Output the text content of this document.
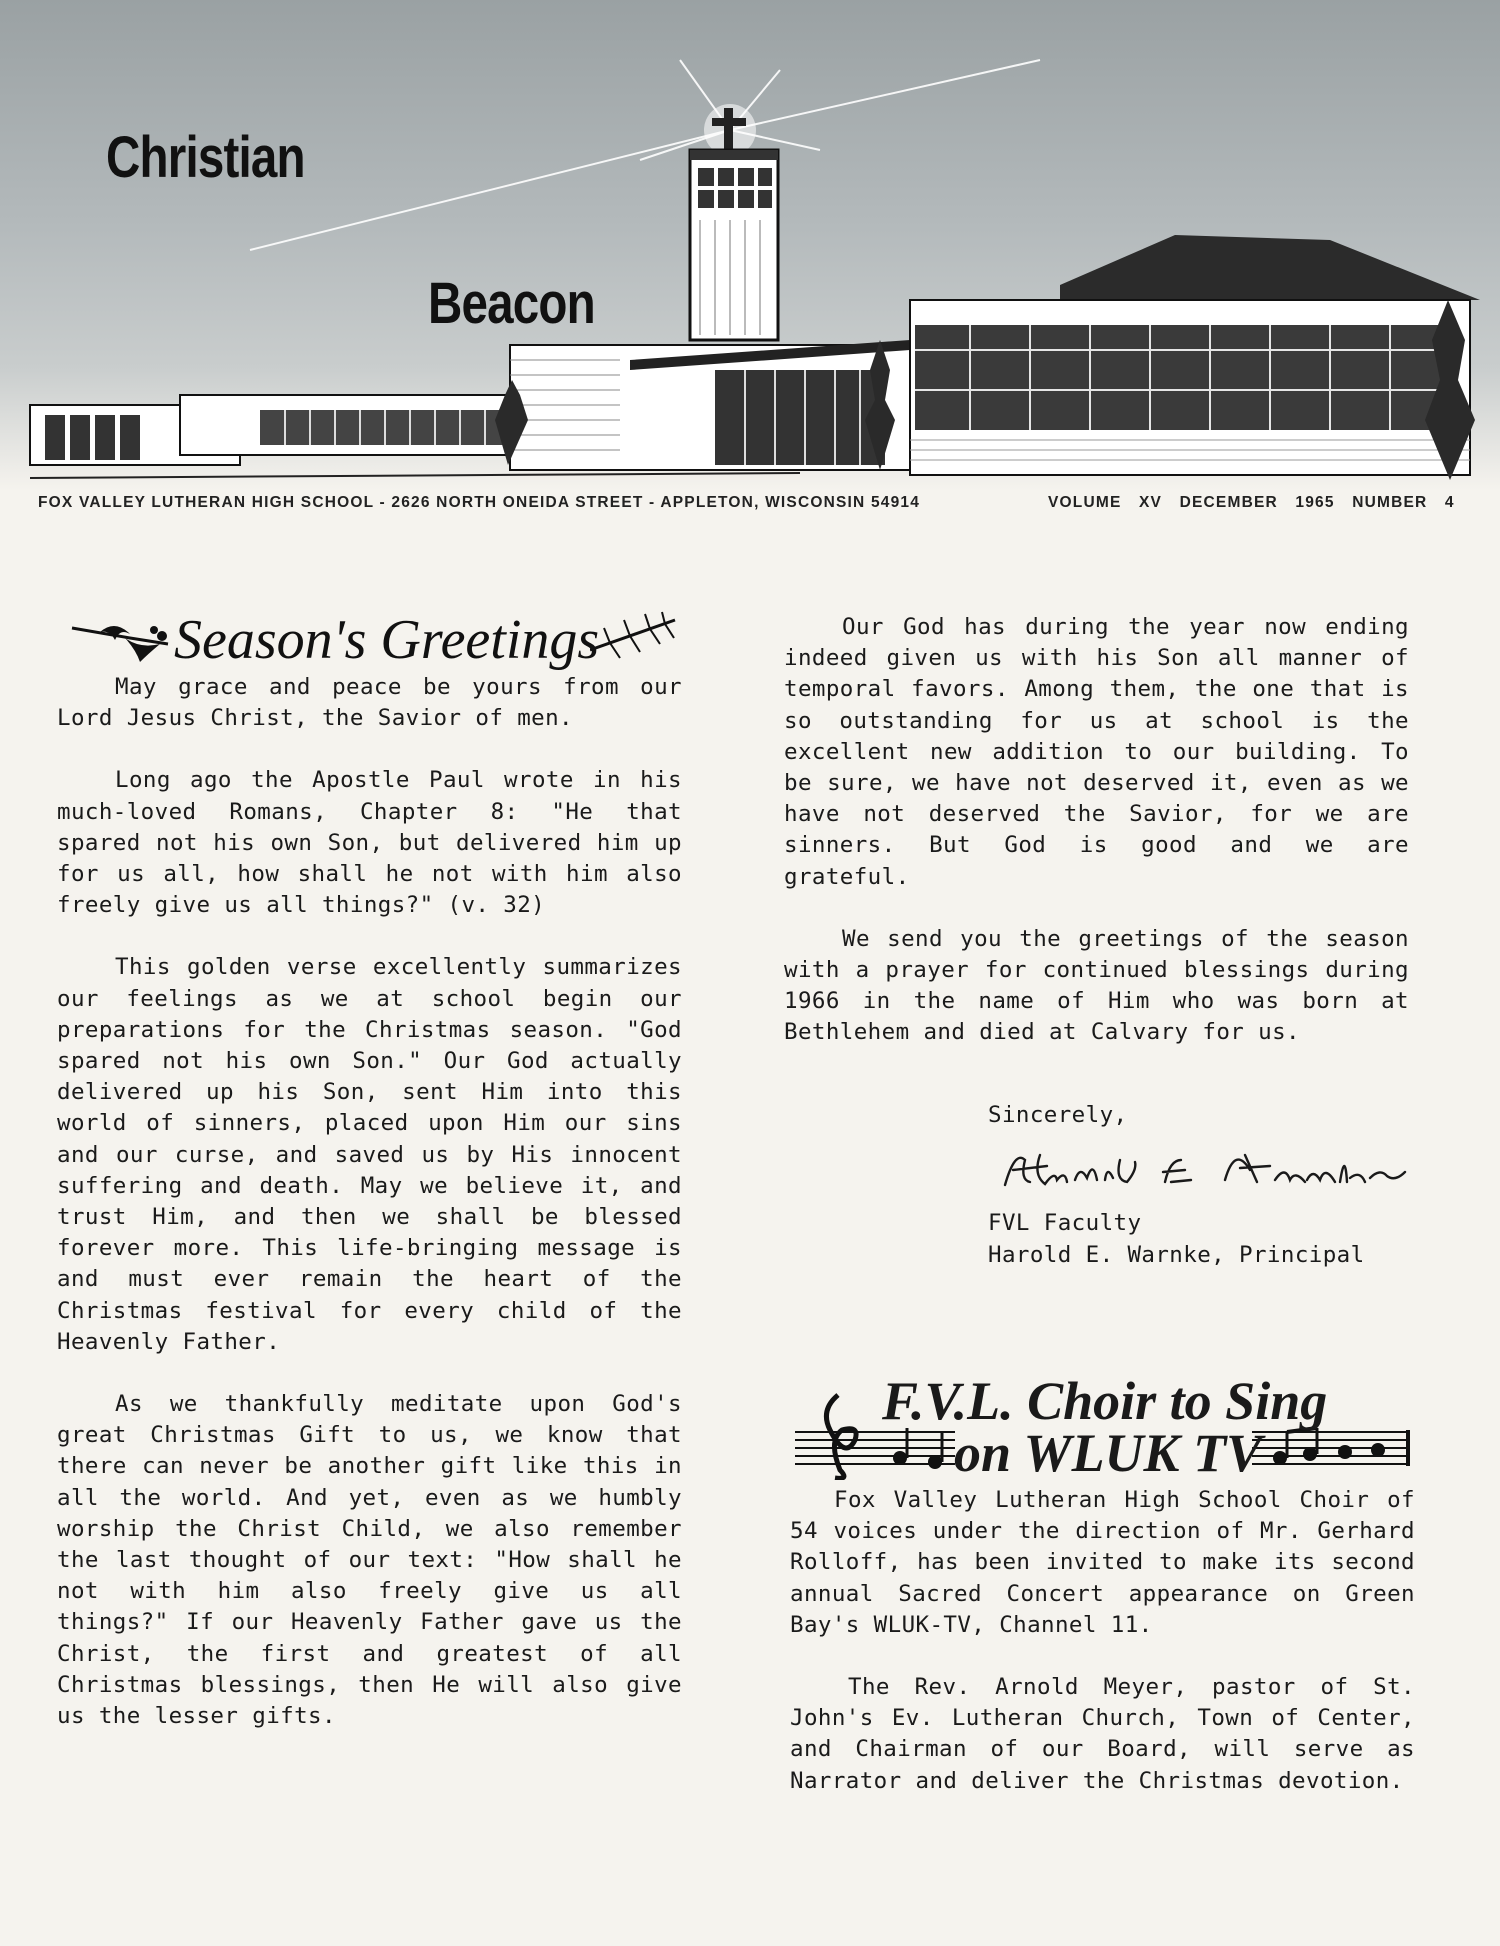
Christian
Beacon
FOX VALLEY LUTHERAN HIGH SCHOOL - 2626 NORTH ONEIDA STREET - APPLETON, WISCONSIN 54914	VOLUME XV DECEMBER 1965 NUMBER 4
Season's Greetings

May grace and peace be yours from our Lord Jesus Christ, the Savior of men.

Long ago the Apostle Paul wrote in his much-loved Romans, Chapter 8: "He that spared not his own Son, but delivered him up for us all, how shall he not with him also freely give us all things?" (v. 32)

This golden verse excellently summarizes our feelings as we at school begin our preparations for the Christmas season. "God spared not his own Son." Our God actually delivered up his Son, sent Him into this world of sinners, placed upon Him our sins and our curse, and saved us by His innocent suffering and death. May we believe it, and trust Him, and then we shall be blessed forever more. This life-bringing message is and must ever remain the heart of the Christmas festival for every child of the Heavenly Father.

As we thankfully meditate upon God's great Christmas Gift to us, we know that there can never be another gift like this in all the world. And yet, even as we humbly worship the Christ Child, we also remember the last thought of our text: "How shall he not with him also freely give us all things?" If our Heavenly Father gave us the Christ, the first and greatest of all Christmas blessings, then He will also give us the lesser gifts.

Our God has during the year now ending indeed given us with his Son all manner of temporal favors. Among them, the one that is so outstanding for us at school is the excellent new addition to our building. To be sure, we have not deserved it, even as we have not deserved the Savior, for we are sinners. But God is good and we are grateful.

We send you the greetings of the season with a prayer for continued blessings during 1966 in the name of Him who was born at Bethlehem and died at Calvary for us.

Sincerely,
FVL Faculty
Harold E. Warnke, Principal
F.V.L. Choir to Sing
on WLUK TV

Fox Valley Lutheran High School Choir of 54 voices under the direction of Mr. Gerhard Rolloff, has been invited to make its second annual Sacred Concert appearance on Green Bay's WLUK-TV, Channel 11.

The Rev. Arnold Meyer, pastor of St. John's Ev. Lutheran Church, Town of Center, and Chairman of our Board, will serve as Narrator and deliver the Christmas devotion.
